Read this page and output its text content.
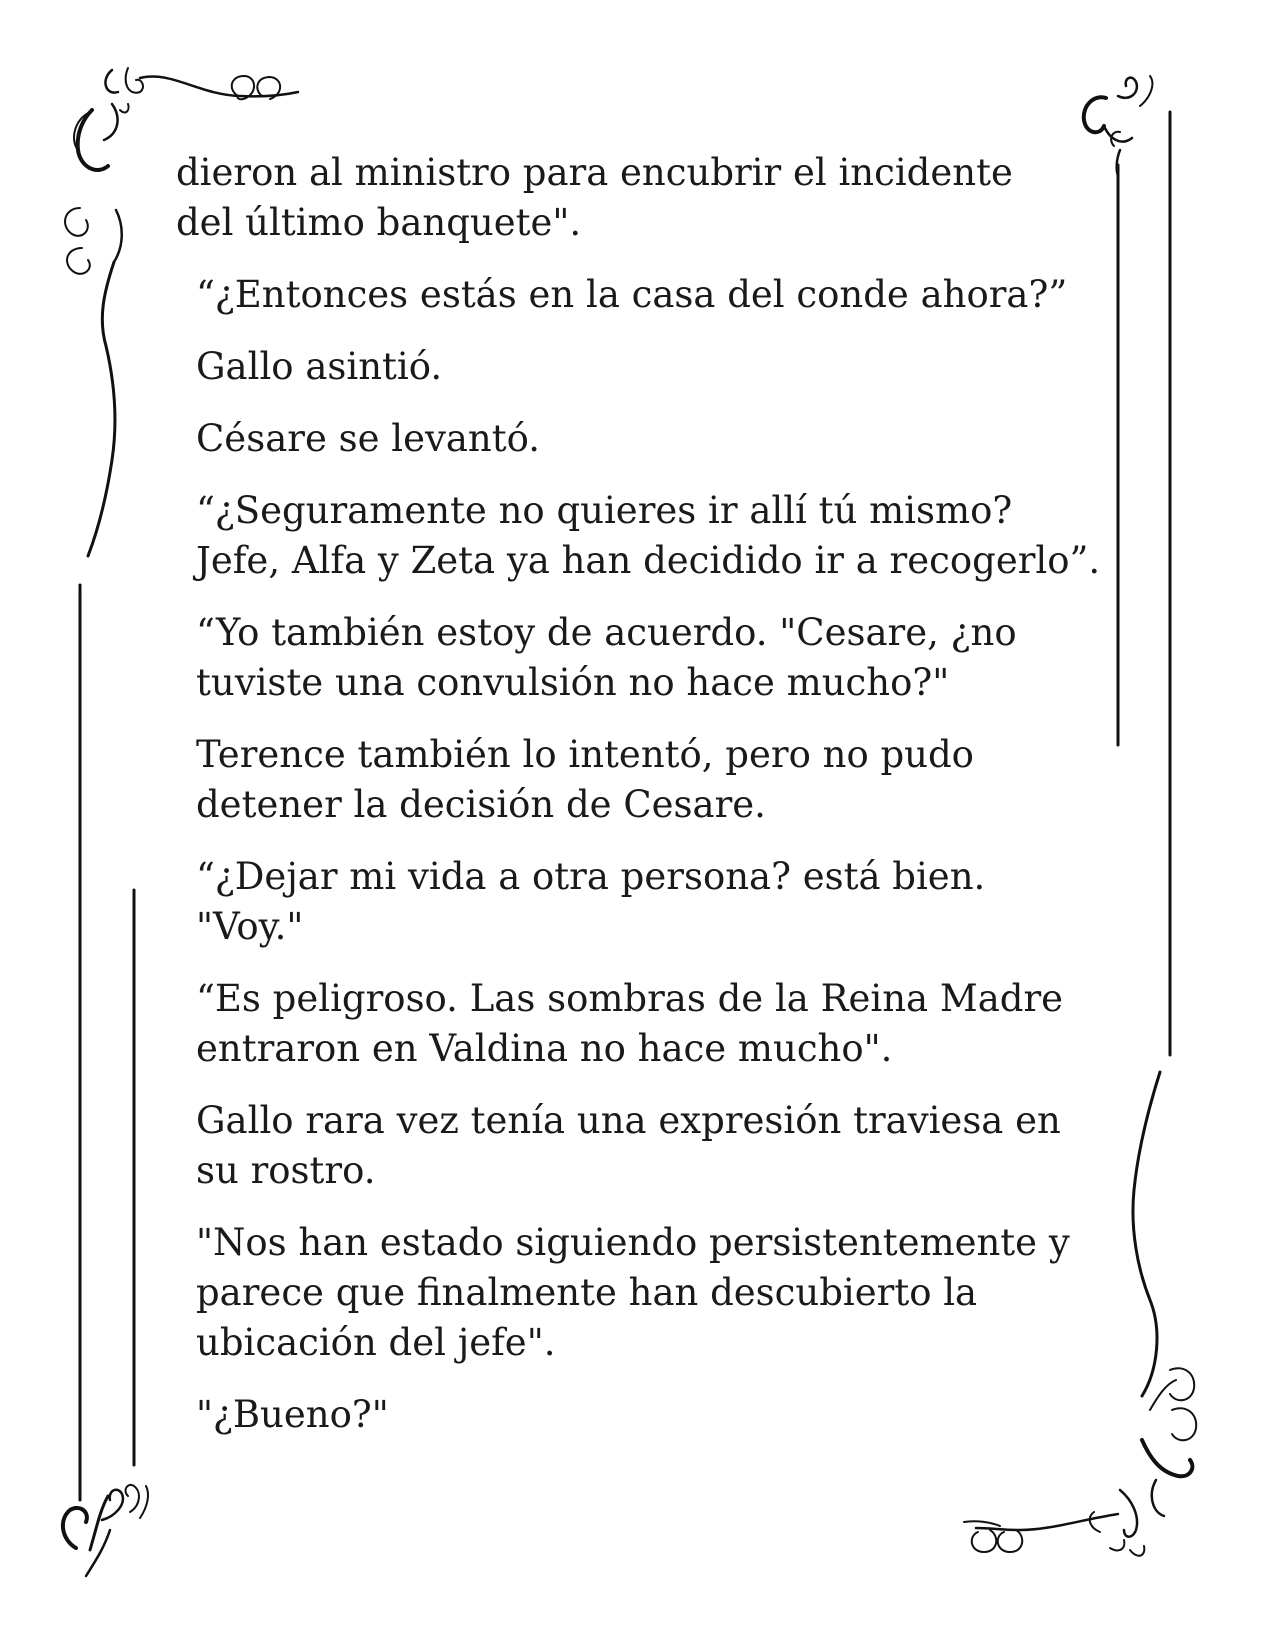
dieron al ministro para encubrir el incidente
del último banquete".

“¿Entonces estás en la casa del conde ahora?”

Gallo asintió.

Césare se levantó.

“¿Seguramente no quieres ir allí tú mismo?
Jefe, Alfa y Zeta ya han decidido ir a recogerlo”.

“Yo también estoy de acuerdo. "Cesare, ¿no
tuviste una convulsión no hace mucho?"

Terence también lo intentó, pero no pudo
detener la decisión de Cesare.

“¿Dejar mi vida a otra persona? está bien.
"Voy."

“Es peligroso. Las sombras de la Reina Madre
entraron en Valdina no hace mucho".

Gallo rara vez tenía una expresión traviesa en
su rostro.

"Nos han estado siguiendo persistentemente y
parece que finalmente han descubierto la
ubicación del jefe".

"¿Bueno?"
